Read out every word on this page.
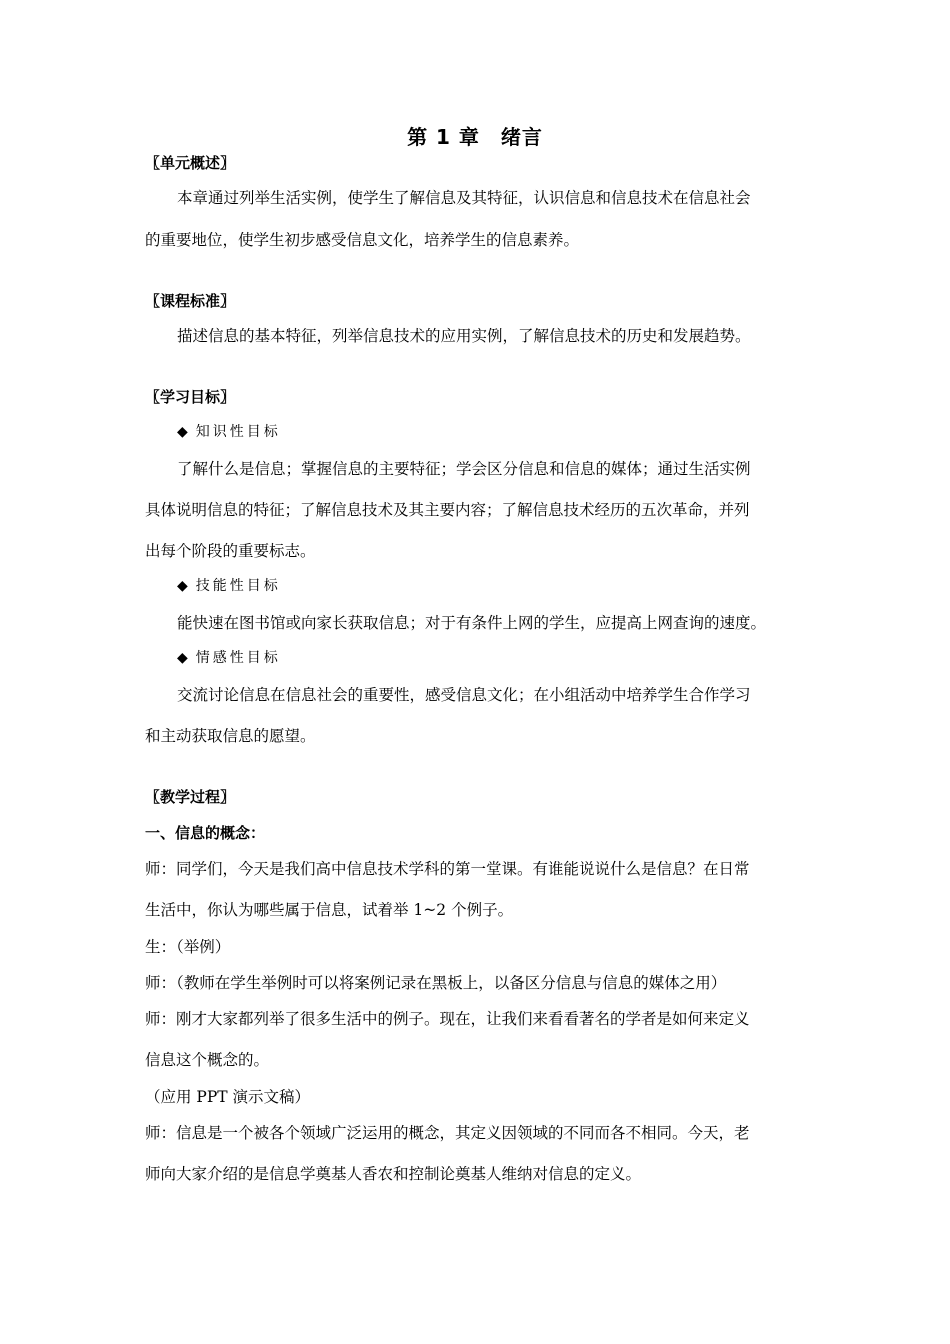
第 1 章　绪言
〖单元概述〗
本章通过列举生活实例，使学生了解信息及其特征，认识信息和信息技术在信息社会
的重要地位，使学生初步感受信息文化，培养学生的信息素养。
〖课程标准〗
描述信息的基本特征，列举信息技术的应用实例，了解信息技术的历史和发展趋势。
〖学习目标〗
◆ 知识性目标
了解什么是信息；掌握信息的主要特征；学会区分信息和信息的媒体；通过生活实例
具体说明信息的特征；了解信息技术及其主要内容；了解信息技术经历的五次革命，并列
出每个阶段的重要标志。
◆ 技能性目标
能快速在图书馆或向家长获取信息；对于有条件上网的学生，应提高上网查询的速度。
◆ 情感性目标
交流讨论信息在信息社会的重要性，感受信息文化；在小组活动中培养学生合作学习
和主动获取信息的愿望。
〖教学过程〗
一、信息的概念：
师：同学们，今天是我们高中信息技术学科的第一堂课。有谁能说说什么是信息？在日常
生活中，你认为哪些属于信息，试着举 1~2 个例子。
生：（举例）
师：（教师在学生举例时可以将案例记录在黑板上，以备区分信息与信息的媒体之用）
师：刚才大家都列举了很多生活中的例子。现在，让我们来看看著名的学者是如何来定义
信息这个概念的。
（应用 PPT 演示文稿）
师：信息是一个被各个领域广泛运用的概念，其定义因领域的不同而各不相同。今天，老
师向大家介绍的是信息学奠基人香农和控制论奠基人维纳对信息的定义。
